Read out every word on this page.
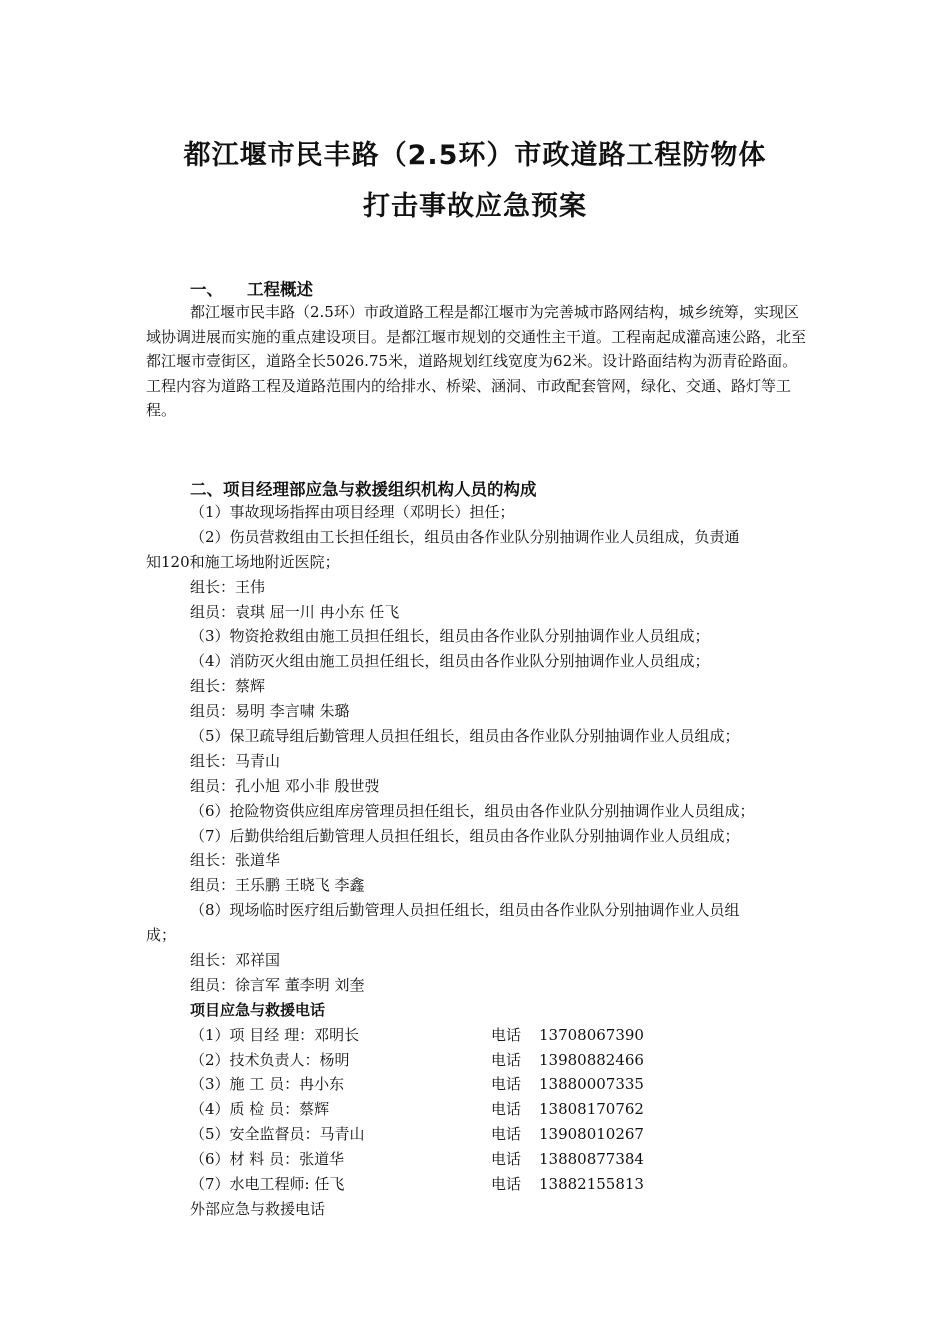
都江堰市民丰路（2.5环）市政道路工程防物体
打击事故应急预案
一、 工程概述
都江堰市民丰路（2.5环）市政道路工程是都江堰市为完善城市路网结构，城乡统筹，实现区域协调进展而实施的重点建设项目。是都江堰市规划的交通性主干道。工程南起成灌高速公路，北至都江堰市壹街区，道路全长5026.75米，道路规划红线宽度为62米。设计路面结构为沥青砼路面。工程内容为道路工程及道路范围内的给排水、桥梁、涵洞、市政配套管网，绿化、交通、路灯等工程。
二、项目经理部应急与救援组织机构人员的构成
（1）事故现场指挥由项目经理（邓明长）担任；
（2）伤员营救组由工长担任组长，组员由各作业队分别抽调作业人员组成，负责通
知120和施工场地附近医院；
组长：王伟
组员：袁琪 屈一川 冉小东 任飞
（3）物资抢救组由施工员担任组长，组员由各作业队分别抽调作业人员组成；
（4）消防灭火组由施工员担任组长，组员由各作业队分别抽调作业人员组成；
组长：蔡辉
组员：易明 李言啸 朱璐
（5）保卫疏导组后勤管理人员担任组长，组员由各作业队分别抽调作业人员组成；
组长：马青山
组员：孔小旭 邓小非 殷世弢
（6）抢险物资供应组库房管理员担任组长，组员由各作业队分别抽调作业人员组成；
（7）后勤供给组后勤管理人员担任组长，组员由各作业队分别抽调作业人员组成；
组长：张道华
组员：王乐鹏 王晓飞 李鑫
（8）现场临时医疗组后勤管理人员担任组长，组员由各作业队分别抽调作业人员组
成；
组长：邓祥国
组员：徐言军 董李明 刘奎
项目应急与救援电话
（1）项 目经 理：邓明长	电话 13708067390
（2）技术负责人：杨明	电话 13980882466
（3）施 工 员：冉小东	电话 13880007335
（4）质 检 员：蔡辉	电话 13808170762
（5）安全监督员：马青山	电话 13908010267
（6）材 料 员：张道华	电话 13880877384
（7）水电工程师: 任飞	电话 13882155813
外部应急与救援电话
